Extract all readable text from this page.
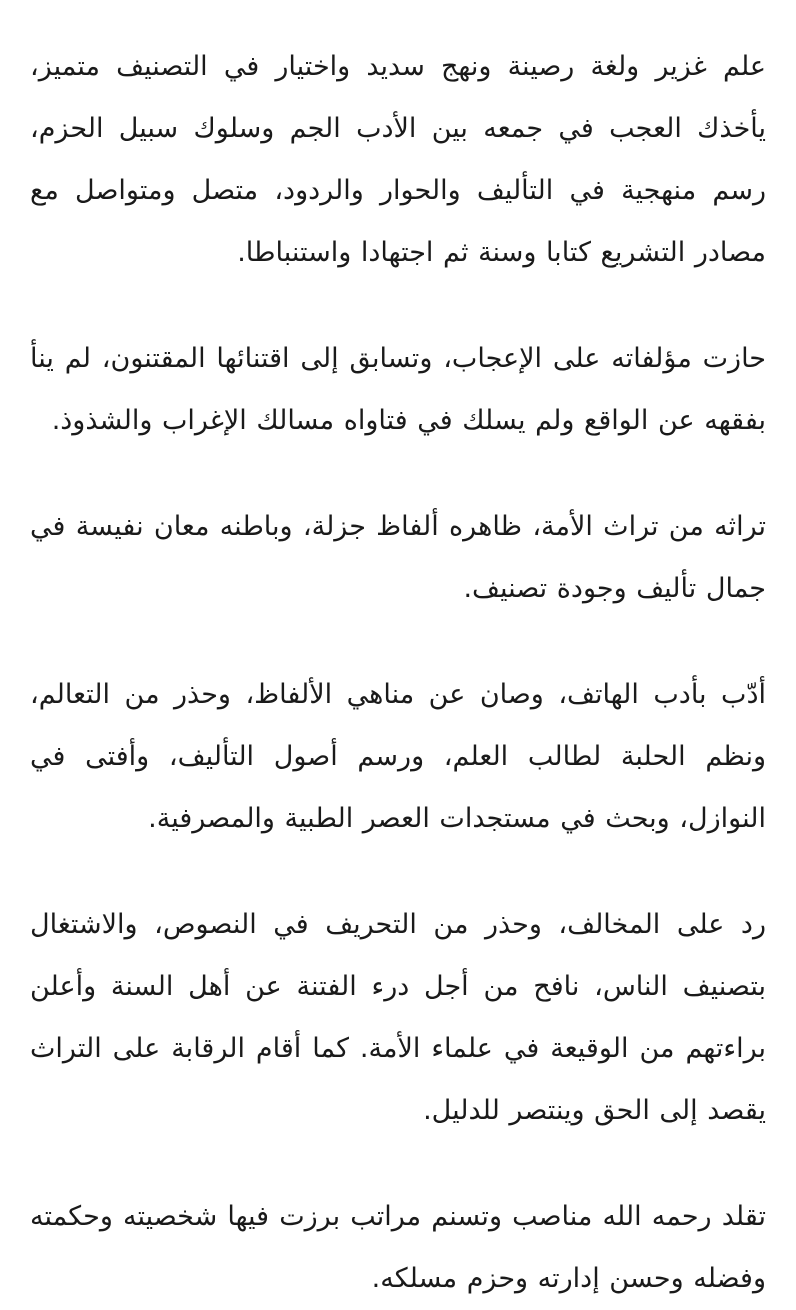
علم غزير ولغة رصينة ونهج سديد واختيار في التصنيف متميز، يأخذك العجب في جمعه بين الأدب الجم وسلوك سبيل الحزم، رسم منهجية في التأليف والحوار والردود، متصل ومتواصل مع مصادر التشريع كتابا وسنة ثم اجتهادا واستنباطا.

حازت مؤلفاته على الإعجاب، وتسابق إلى اقتنائها المقتنون، لم ينأ بفقهه عن الواقع ولم يسلك في فتاواه مسالك الإغراب والشذوذ.

تراثه من تراث الأمة، ظاهره ألفاظ جزلة، وباطنه معان نفيسة في جمال تأليف وجودة تصنيف.

أدّب بأدب الهاتف، وصان عن مناهي الألفاظ، وحذر من التعالم، ونظم الحلبة لطالب العلم، ورسم أصول التأليف، وأفتى في النوازل، وبحث في مستجدات العصر الطبية والمصرفية.

رد على المخالف، وحذر من التحريف في النصوص، والاشتغال بتصنيف الناس، نافح من أجل درء الفتنة عن أهل السنة وأعلن براءتهم من الوقيعة في علماء الأمة. كما أقام الرقابة على التراث يقصد إلى الحق وينتصر للدليل.

تقلد رحمه الله مناصب وتسنم مراتب برزت فيها شخصيته وحكمته وفضله وحسن إدارته وحزم مسلكه.
